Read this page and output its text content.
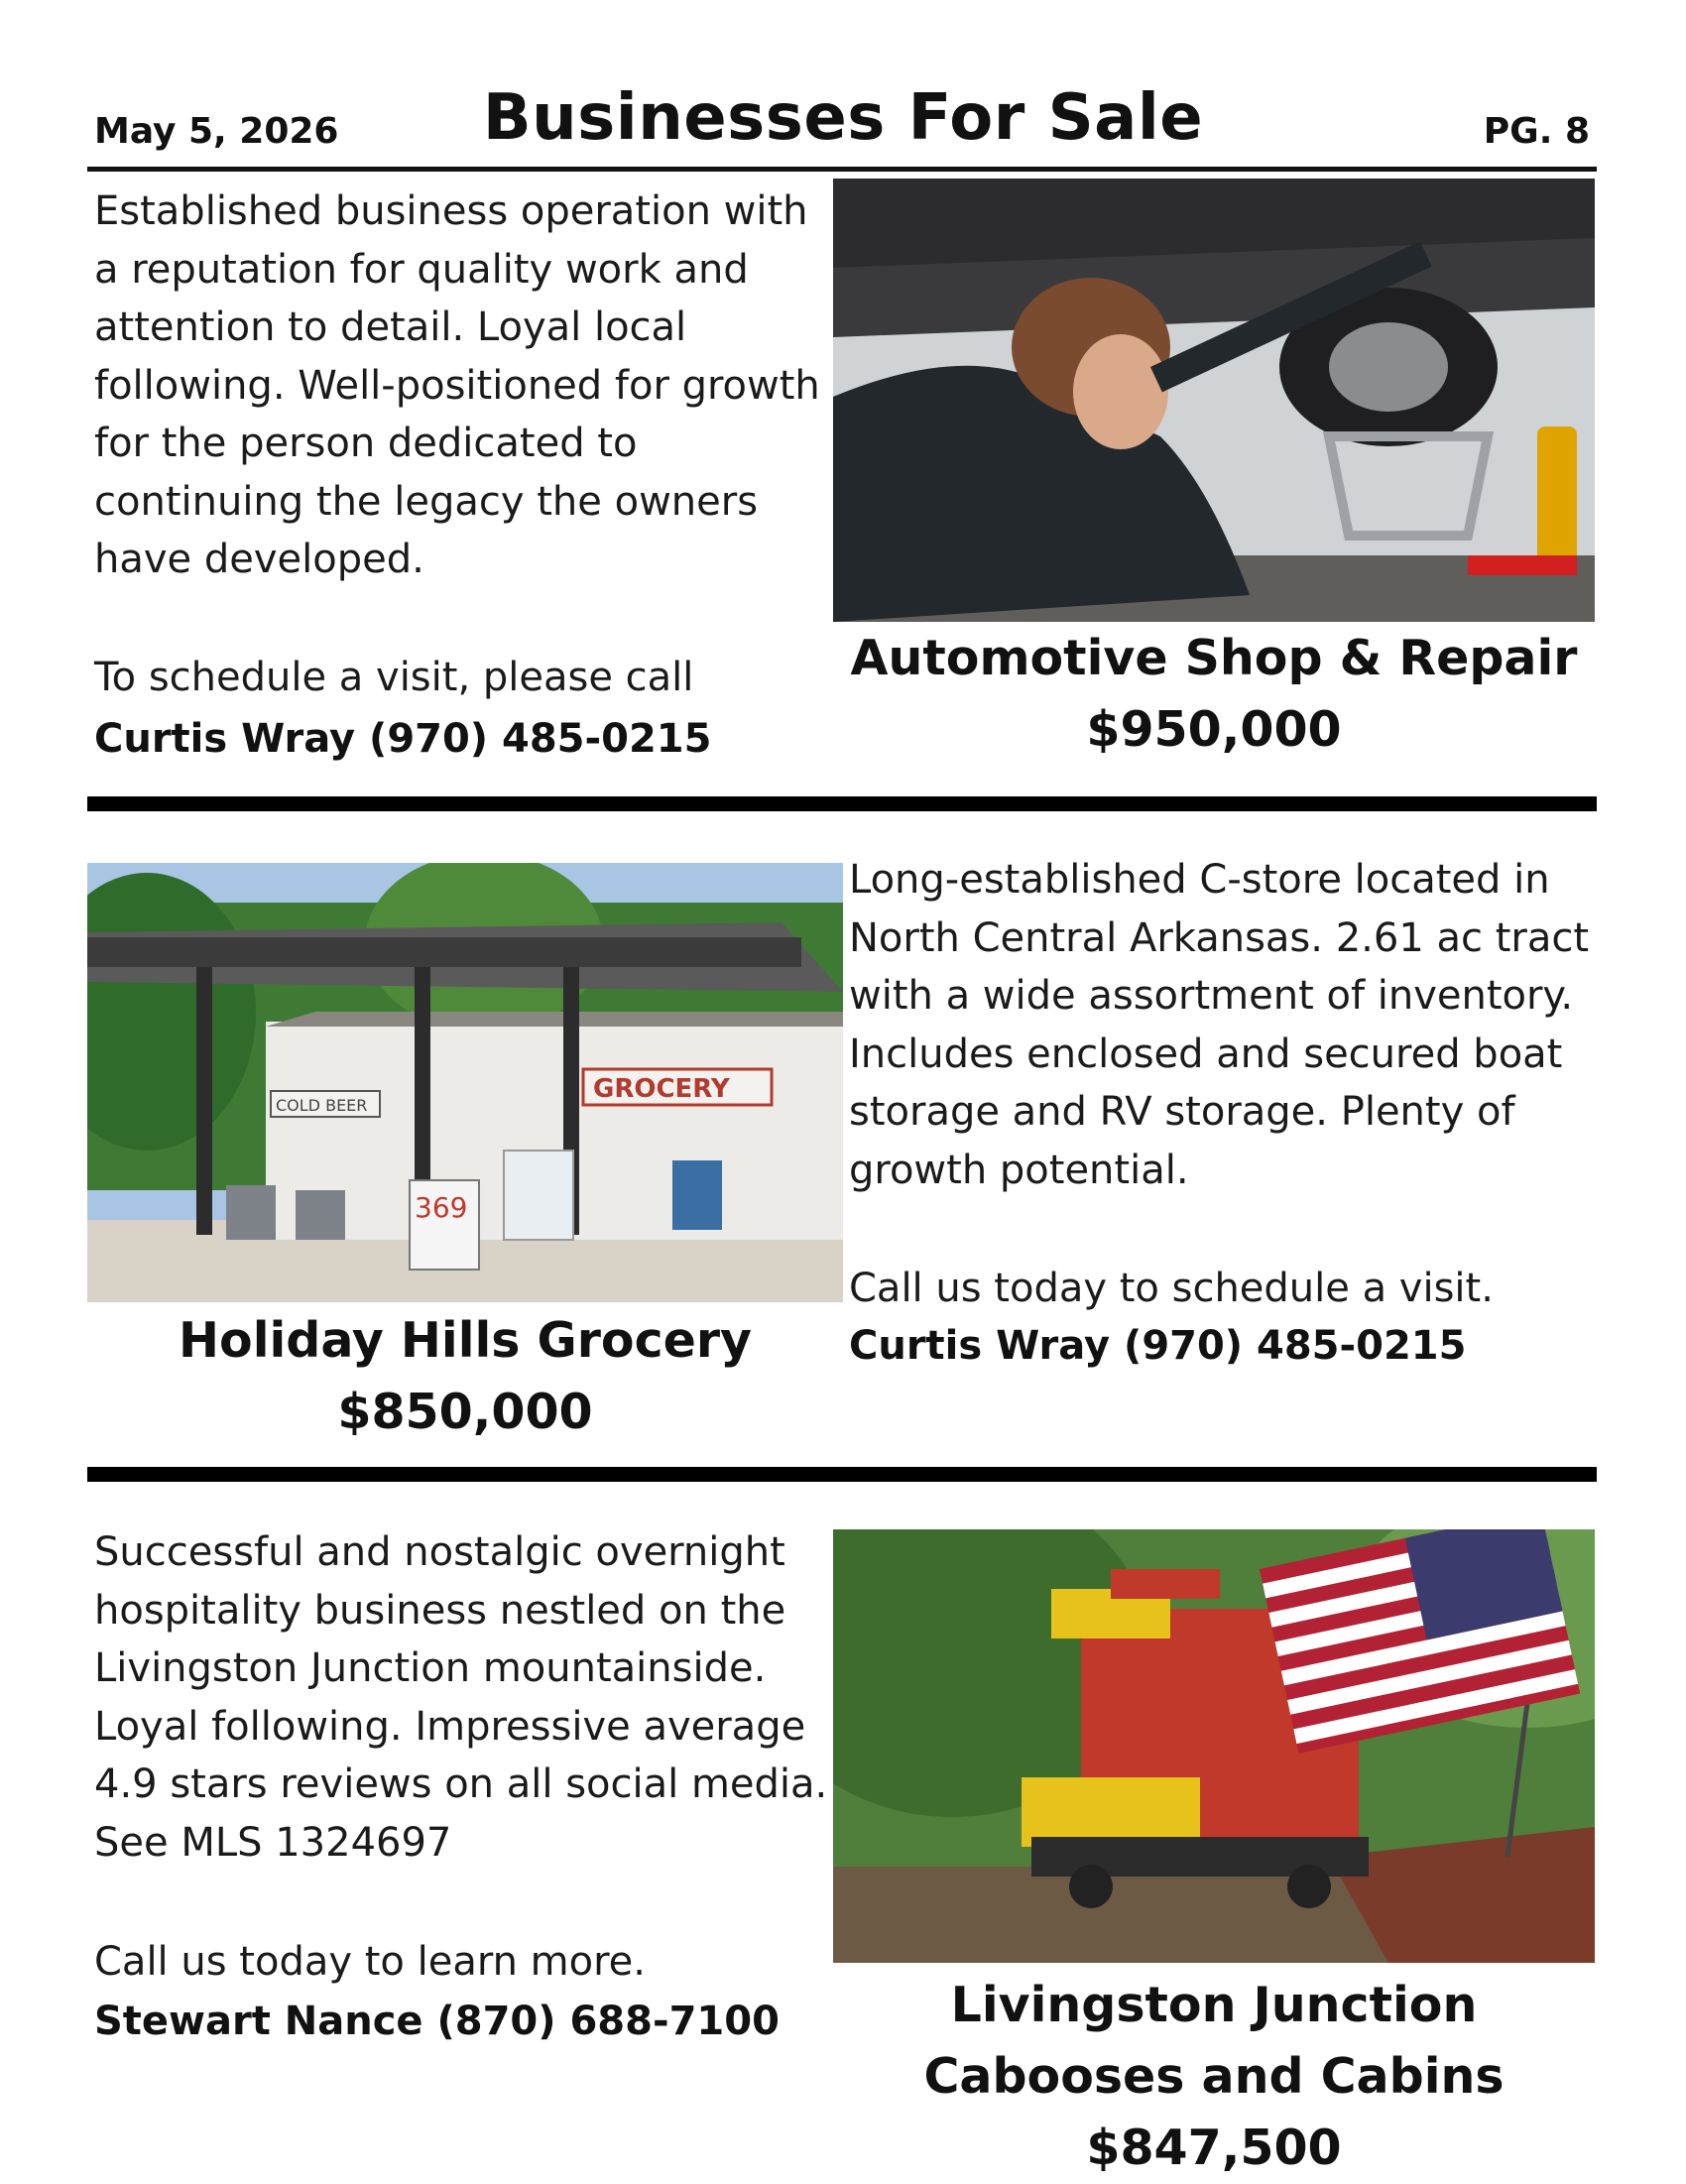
May 5, 2026	Businesses For Sale	PG. 8

Established business operation with a reputation for quality work and attention to detail. Loyal local following. Well-positioned for growth for the person dedicated to continuing the legacy the owners have developed.

To schedule a visit, please call
Curtis Wray (970) 485-0215
Automotive Shop & Repair
$950,000
GROCERY
COLD BEER
369
Holiday Hills Grocery
$850,000

Long-established C-store located in North Central Arkansas. 2.61 ac tract with a wide assortment of inventory. Includes enclosed and secured boat storage and RV storage. Plenty of growth potential.

Call us today to schedule a visit.
Curtis Wray (970) 485-0215

Successful and nostalgic overnight hospitality business nestled on the Livingston Junction mountainside. Loyal following. Impressive average 4.9 stars reviews on all social media. See MLS 1324697

Call us today to learn more.
Stewart Nance (870) 688-7100	Livingston Junction
Cabooses and Cabins
$847,500
